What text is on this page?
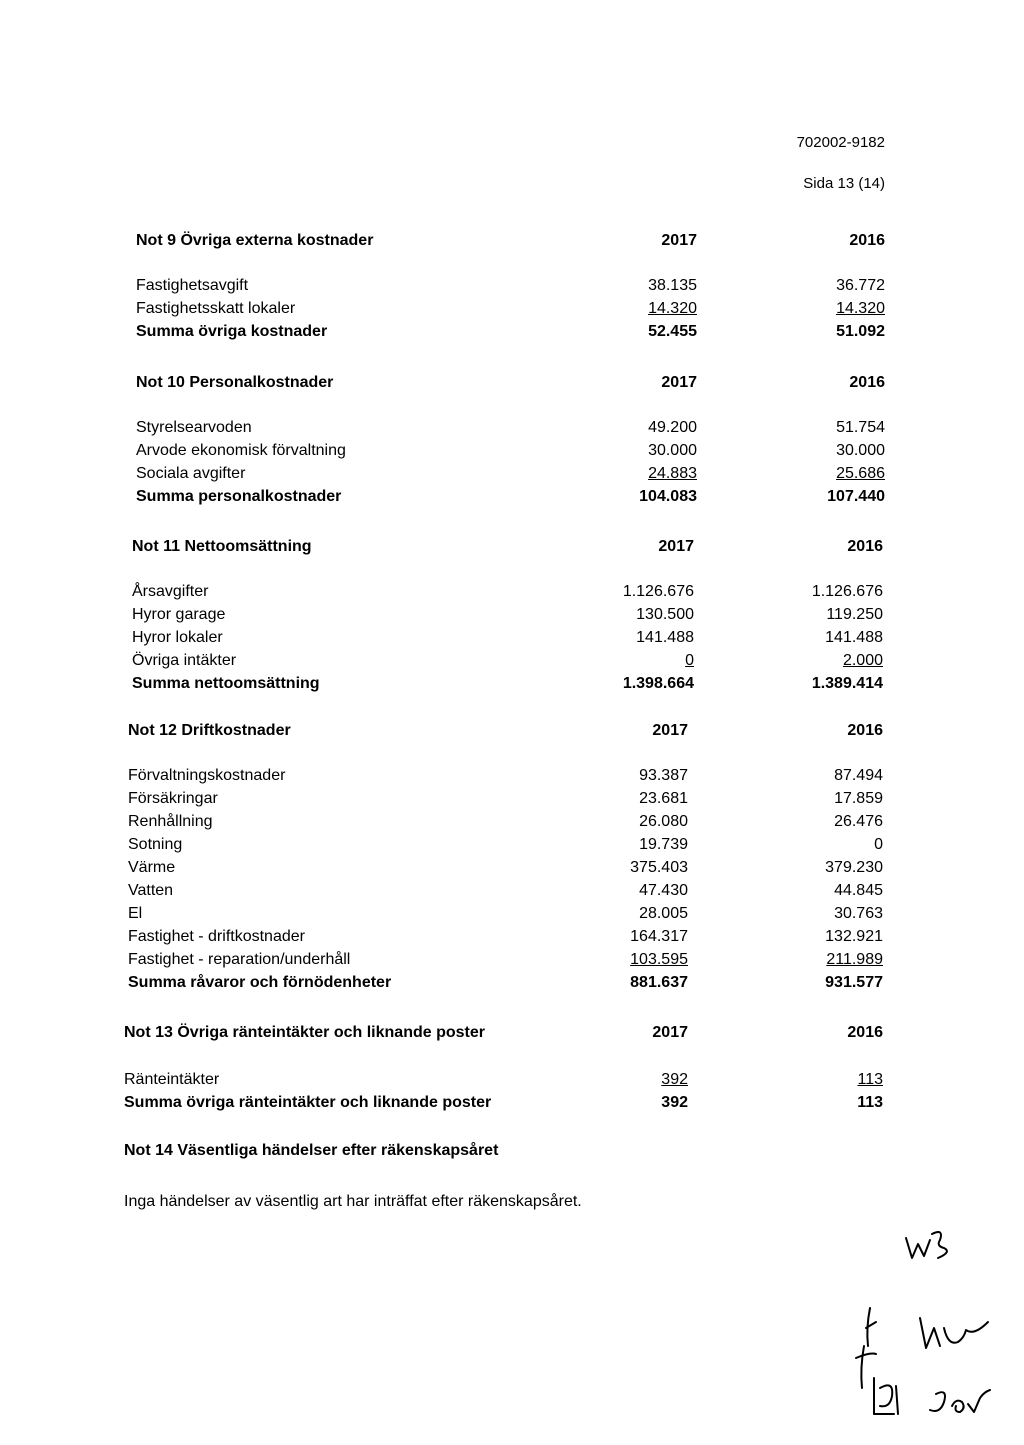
702002-9182
Sida 13 (14)
Not 9 Övriga externa kostnader	2017	2016
Fastighetsavgift	38.135	36.772
Fastighetsskatt lokaler	14.320	14.320
Summa övriga kostnader	52.455	51.092
Not 10 Personalkostnader	2017	2016
Styrelsearvoden	49.200	51.754
Arvode ekonomisk förvaltning	30.000	30.000
Sociala avgifter	24.883	25.686
Summa personalkostnader	104.083	107.440
Not 11 Nettoomsättning	2017	2016
Årsavgifter	1.126.676	1.126.676
Hyror garage	130.500	119.250
Hyror lokaler	141.488	141.488
Övriga intäkter	0	2.000
Summa nettoomsättning	1.398.664	1.389.414
Not 12 Driftkostnader	2017	2016
Förvaltningskostnader	93.387	87.494
Försäkringar	23.681	17.859
Renhållning	26.080	26.476
Sotning	19.739	0
Värme	375.403	379.230
Vatten	47.430	44.845
El	28.005	30.763
Fastighet - driftkostnader	164.317	132.921
Fastighet - reparation/underhåll	103.595	211.989
Summa råvaror och förnödenheter	881.637	931.577
Not 13 Övriga ränteintäkter och liknande poster	2017	2016
Ränteintäkter	392	113
Summa övriga ränteintäkter och liknande poster	392	113
Not 14 Väsentliga händelser efter räkenskapsåret
Inga händelser av väsentlig art har inträffat efter räkenskapsåret.
